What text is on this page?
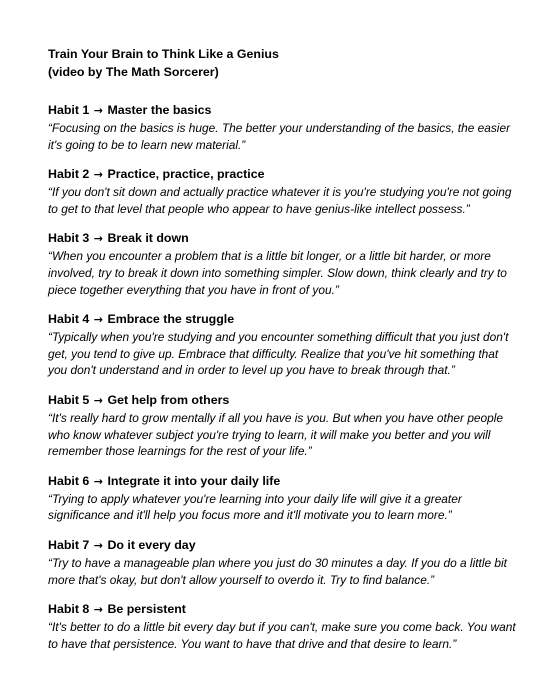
Train Your Brain to Think Like a Genius
(video by The Math Sorcerer)
Habit 1 → Master the basics

“Focusing on the basics is huge. The better your understanding of the basics, the easier it's going to be to learn new material.”

Habit 2 → Practice, practice, practice

“If you don't sit down and actually practice whatever it is you're studying you're not going to get to that level that people who appear to have genius-like intellect possess.”

Habit 3 → Break it down

“When you encounter a problem that is a little bit longer, or a little bit harder, or more involved, try to break it down into something simpler. Slow down, think clearly and try to piece together everything that you have in front of you.”

Habit 4 → Embrace the struggle

“Typically when you're studying and you encounter something difficult that you just don't get, you tend to give up. Embrace that difficulty. Realize that you've hit something that you don't understand and in order to level up you have to break through that.”

Habit 5 → Get help from others

“It's really hard to grow mentally if all you have is you. But when you have other people who know whatever subject you're trying to learn, it will make you better and you will remember those learnings for the rest of your life.”

Habit 6 → Integrate it into your daily life

“Trying to apply whatever you're learning into your daily life will give it a greater significance and it'll help you focus more and it'll motivate you to learn more.”

Habit 7 → Do it every day

“Try to have a manageable plan where you just do 30 minutes a day. If you do a little bit more that's okay, but don't allow yourself to overdo it. Try to find balance.”

Habit 8 → Be persistent

“It's better to do a little bit every day but if you can't, make sure you come back. You want to have that persistence. You want to have that drive and that desire to learn.”
